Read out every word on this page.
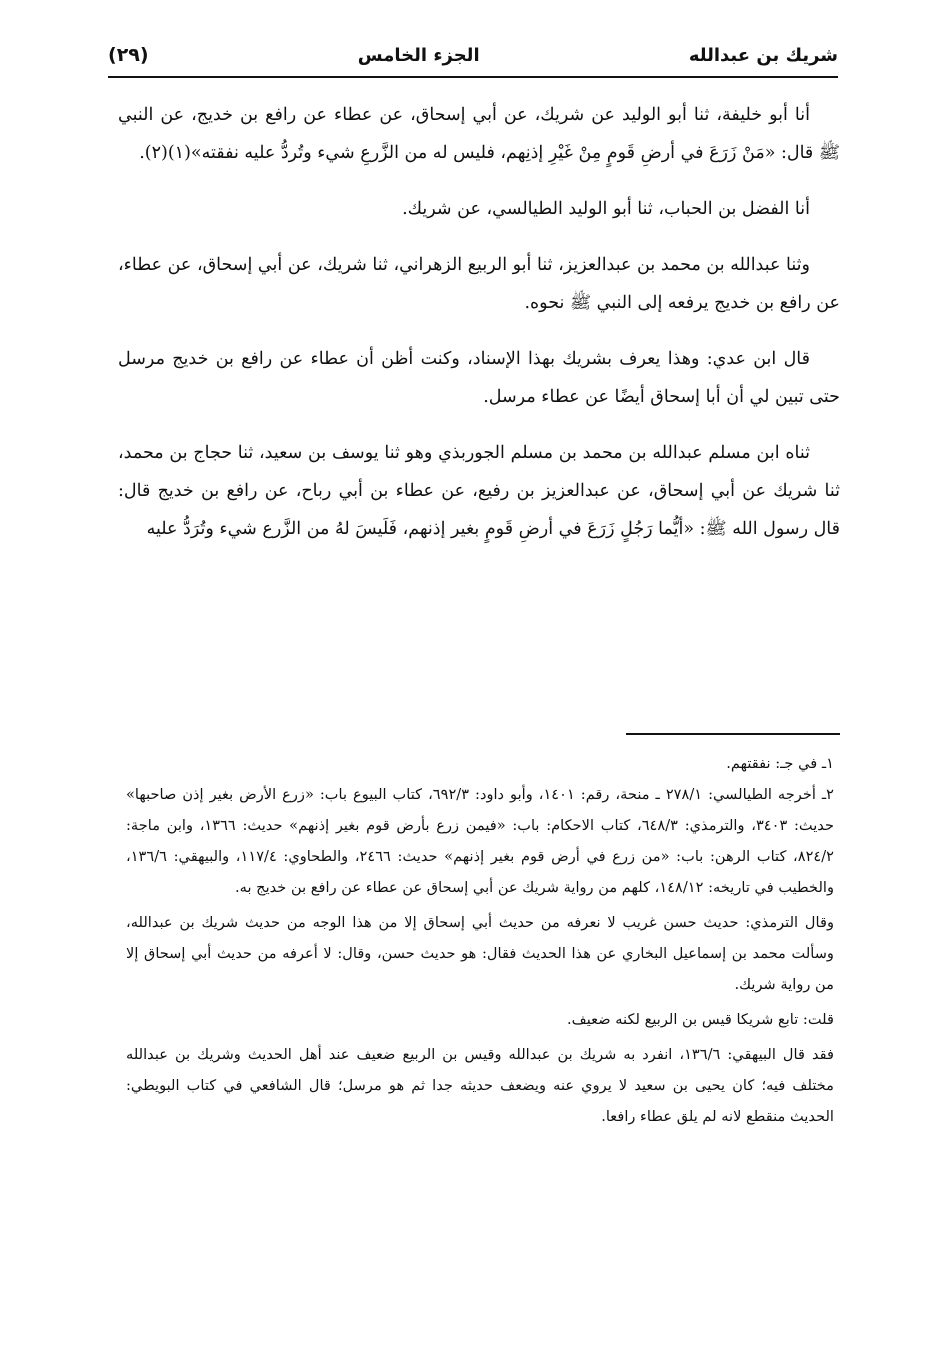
(٢٩)	الجزء الخامس	شريك بن عبدالله

أنا أبو خليفة، ثنا أبو الوليد عن شريك، عن أبي إسحاق، عن عطاء عن رافع بن خديج، عن النبي ﷺ قال: «مَنْ زَرَعَ في أرضِ قَومٍ مِنْ غَيْرِ إذنِهم، فليس له من الزَّرعِ شيء وتُردُّ عليه نفقته»(١)(٢).

أنا الفضل بن الحباب، ثنا أبو الوليد الطيالسي، عن شريك.

وثنا عبدالله بن محمد بن عبدالعزيز، ثنا أبو الربيع الزهراني، ثنا شريك، عن أبي إسحاق، عن عطاء، عن رافع بن خديج يرفعه إلى النبي ﷺ نحوه.

قال ابن عدي: وهذا يعرف بشريك بهذا الإسناد، وكنت أظن أن عطاء عن رافع بن خديج مرسل حتى تبين لي أن أبا إسحاق أيضًا عن عطاء مرسل.

ثناه ابن مسلم عبدالله بن محمد بن مسلم الجوربذي وهو ثنا يوسف بن سعيد، ثنا حجاج بن محمد، ثنا شريك عن أبي إسحاق، عن عبدالعزيز بن رفيع، عن عطاء بن أبي رباح، عن رافع بن خديج قال: قال رسول الله ﷺ: «أيُّما رَجُلٍ زَرَعَ في أرضِ قَومٍ بغير إذنهم، فَلَيسَ لهُ من الزَّرع شيء وتُرَدُّ عليه

١ـ في جـ: نفقتهم.

٢ـ أخرجه الطيالسي: ٢٧٨/١ ـ منحة، رقم: ١٤٠١، وأبو داود: ٦٩٢/٣، كتاب البيوع باب: «زرع الأرض بغير إذن صاحبها» حديث: ٣٤٠٣، والترمذي: ٦٤٨/٣، كتاب الاحكام: باب: «فيمن زرع بأرض قوم بغير إذنهم» حديث: ١٣٦٦، وابن ماجة: ٨٢٤/٢، كتاب الرهن: باب: «من زرع في أرض قوم بغير إذنهم» حديث: ٢٤٦٦، والطحاوي: ١١٧/٤، والبيهقي: ١٣٦/٦، والخطيب في تاريخه: ١٤٨/١٢، كلهم من رواية شريك عن أبي إسحاق عن عطاء عن رافع بن خديج به.

وقال الترمذي: حديث حسن غريب لا نعرفه من حديث أبي إسحاق إلا من هذا الوجه من حديث شريك بن عبدالله، وسألت محمد بن إسماعيل البخاري عن هذا الحديث فقال: هو حديث حسن، وقال: لا أعرفه من حديث أبي إسحاق إلا من رواية شريك.

قلت: تابع شريكا قيس بن الربيع لكنه ضعيف.

فقد قال البيهقي: ١٣٦/٦، انفرد به شريك بن عبدالله وقيس بن الربيع ضعيف عند أهل الحديث وشريك بن عبدالله مختلف فيه؛ كان يحيى بن سعيد لا يروي عنه ويضعف حديثه جدا ثم هو مرسل؛ قال الشافعي في كتاب البويطي: الحديث منقطع لانه لم يلق عطاء رافعا.
